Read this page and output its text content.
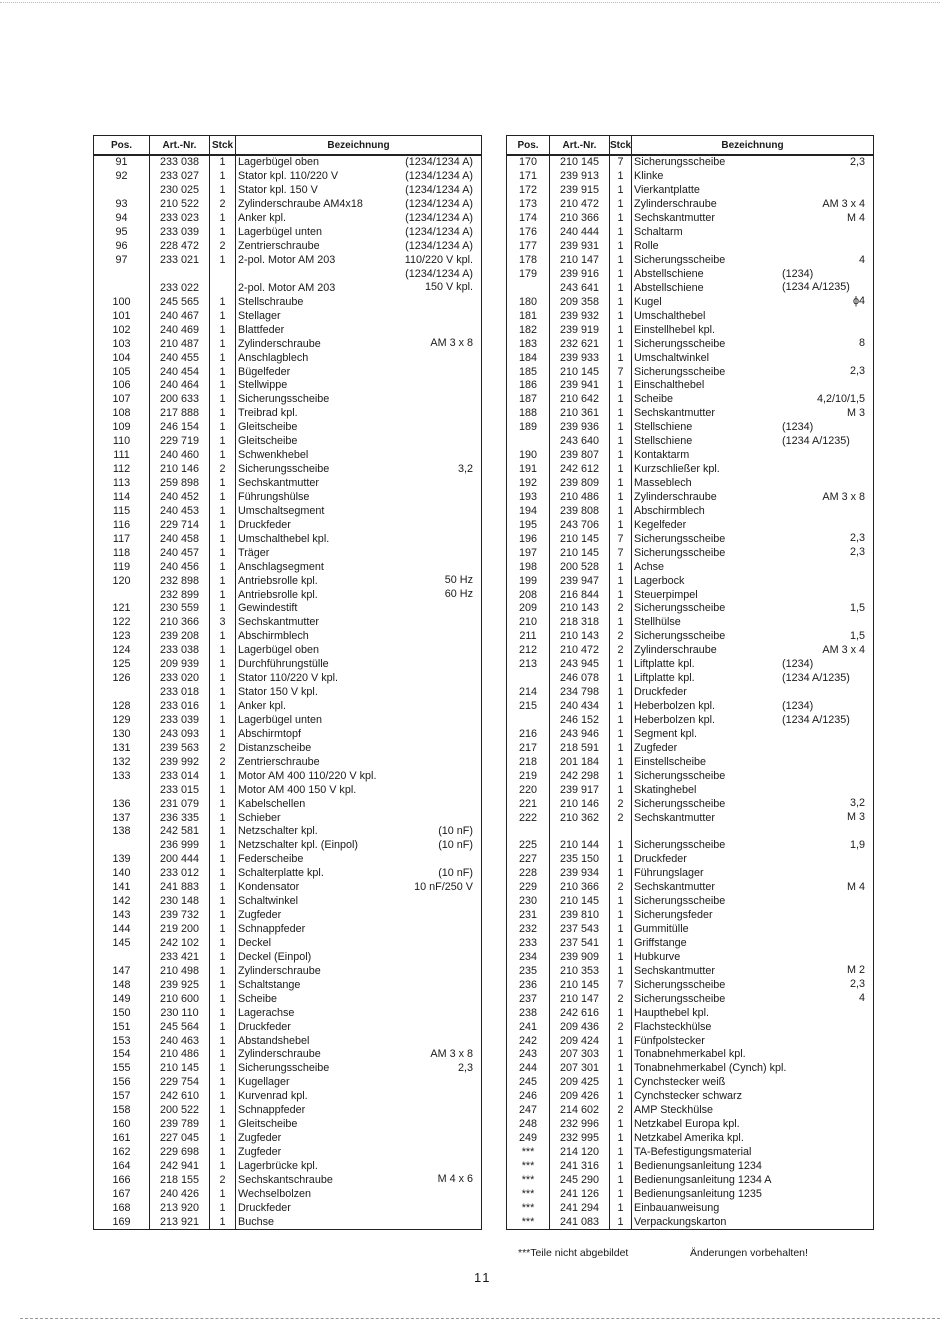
Pos.	Art.-Nr.	Stck	Bezeichnung
91	233 038	1	Lagerbügel oben (1234/1234 A)

92	233 027	1	Stator kpl. 110/220 V (1234/1234 A)

	230 025	1	Stator kpl. 150 V (1234/1234 A)

93	210 522	2	Zylinderschraube AM4x18 (1234/1234 A)

94	233 023	1	Anker kpl. (1234/1234 A)

95	233 039	1	Lagerbügel unten (1234/1234 A)

96	228 472	2	Zentrierschraube (1234/1234 A)

97	233 021	1	2-pol. Motor AM 203 110/220 V kpl.

			(1234/1234 A)

	233 022		2-pol. Motor AM 203 150 V kpl.

100	245 565	1	Stellschraube

101	240 467	1	Stellager

102	240 469	1	Blattfeder

103	210 487	1	Zylinderschraube AM 3 x 8

104	240 455	1	Anschlagblech

105	240 454	1	Bügelfeder

106	240 464	1	Stellwippe

107	200 633	1	Sicherungsscheibe

108	217 888	1	Treibrad kpl.

109	246 154	1	Gleitscheibe

110	229 719	1	Gleitscheibe

111	240 460	1	Schwenkhebel

112	210 146	2	Sicherungsscheibe 3,2

113	259 898	1	Sechskantmutter

114	240 452	1	Führungshülse

115	240 453	1	Umschaltsegment

116	229 714	1	Druckfeder

117	240 458	1	Umschalthebel kpl.

118	240 457	1	Träger

119	240 456	1	Anschlagsegment

120	232 898	1	Antriebsrolle kpl. 50 Hz

	232 899	1	Antriebsrolle kpl. 60 Hz

121	230 559	1	Gewindestift

122	210 366	3	Sechskantmutter

123	239 208	1	Abschirmblech

124	233 038	1	Lagerbügel oben

125	209 939	1	Durchführungstülle

126	233 020	1	Stator 110/220 V kpl.

	233 018	1	Stator 150 V kpl.

128	233 016	1	Anker kpl.

129	233 039	1	Lagerbügel unten

130	243 093	1	Abschirmtopf

131	239 563	2	Distanzscheibe

132	239 992	2	Zentrierschraube

133	233 014	1	Motor AM 400 110/220 V kpl.

	233 015	1	Motor AM 400 150 V kpl.

136	231 079	1	Kabelschellen

137	236 335	1	Schieber

138	242 581	1	Netzschalter kpl. (10 nF)

	236 999	1	Netzschalter kpl. (Einpol) (10 nF)

139	200 444	1	Federscheibe

140	233 012	1	Schalterplatte kpl. (10 nF)

141	241 883	1	Kondensator 10 nF/250 V

142	230 148	1	Schaltwinkel

143	239 732	1	Zugfeder

144	219 200	1	Schnappfeder

145	242 102	1	Deckel

	233 421	1	Deckel (Einpol)

147	210 498	1	Zylinderschraube

148	239 925	1	Schaltstange

149	210 600	1	Scheibe

150	230 110	1	Lagerachse

151	245 564	1	Druckfeder

153	240 463	1	Abstandshebel

154	210 486	1	Zylinderschraube AM 3 x 8

155	210 145	1	Sicherungsscheibe 2,3

156	229 754	1	Kugellager

157	242 610	1	Kurvenrad kpl.

158	200 522	1	Schnappfeder

160	239 789	1	Gleitscheibe

161	227 045	1	Zugfeder

162	229 698	1	Zugfeder

164	242 941	1	Lagerbrücke kpl.

166	218 155	2	Sechskantschraube M 4 x 6

167	240 426	1	Wechselbolzen

168	213 920	1	Druckfeder

169	213 921	1	Buchse
Pos.	Art.-Nr.	Stck	Bezeichnung
170	210 145	7	Sicherungsscheibe 2,3

171	239 913	1	Klinke

172	239 915	1	Vierkantplatte

173	210 472	1	Zylinderschraube AM 3 x 4

174	210 366	1	Sechskantmutter M 4

176	240 444	1	Schaltarm

177	239 931	1	Rolle

178	210 147	1	Sicherungsscheibe 4

179	239 916	1	Abstellschiene (1234)

	243 641	1	Abstellschiene (1234 A/1235)

180	209 358	1	Kugel ϕ4

181	239 932	1	Umschalthebel

182	239 919	1	Einstellhebel kpl.

183	232 621	1	Sicherungsscheibe 8

184	239 933	1	Umschaltwinkel

185	210 145	7	Sicherungsscheibe 2,3

186	239 941	1	Einschalthebel

187	210 642	1	Scheibe 4,2/10/1,5

188	210 361	1	Sechskantmutter M 3

189	239 936	1	Stellschiene (1234)

	243 640	1	Stellschiene (1234 A/1235)

190	239 807	1	Kontaktarm

191	242 612	1	Kurzschließer kpl.

192	239 809	1	Masseblech

193	210 486	1	Zylinderschraube AM 3 x 8

194	239 808	1	Abschirmblech

195	243 706	1	Kegelfeder

196	210 145	7	Sicherungsscheibe 2,3

197	210 145	7	Sicherungsscheibe 2,3

198	200 528	1	Achse

199	239 947	1	Lagerbock

208	216 844	1	Steuerpimpel

209	210 143	2	Sicherungsscheibe 1,5

210	218 318	1	Stellhülse

211	210 143	2	Sicherungsscheibe 1,5

212	210 472	2	Zylinderschraube AM 3 x 4

213	243 945	1	Liftplatte kpl. (1234)

	246 078	1	Liftplatte kpl. (1234 A/1235)

214	234 798	1	Druckfeder

215	240 434	1	Heberbolzen kpl. (1234)

	246 152	1	Heberbolzen kpl. (1234 A/1235)

216	243 946	1	Segment kpl.

217	218 591	1	Zugfeder

218	201 184	1	Einstellscheibe

219	242 298	1	Sicherungsscheibe

220	239 917	1	Skatinghebel

221	210 146	2	Sicherungsscheibe 3,2

222	210 362	2	Sechskantmutter M 3

225	210 144	1	Sicherungsscheibe 1,9

227	235 150	1	Druckfeder

228	239 934	1	Führungslager

229	210 366	2	Sechskantmutter M 4

230	210 145	1	Sicherungsscheibe

231	239 810	1	Sicherungsfeder

232	237 543	1	Gummitülle

233	237 541	1	Griffstange

234	239 909	1	Hubkurve

235	210 353	1	Sechskantmutter M 2

236	210 145	7	Sicherungsscheibe 2,3

237	210 147	2	Sicherungsscheibe 4

238	242 616	1	Haupthebel kpl.

241	209 436	2	Flachsteckhülse

242	209 424	1	Fünfpolstecker

243	207 303	1	Tonabnehmerkabel kpl.

244	207 301	1	Tonabnehmerkabel (Cynch) kpl.

245	209 425	1	Cynchstecker weiß

246	209 426	1	Cynchstecker schwarz

247	214 602	2	AMP Steckhülse

248	232 996	1	Netzkabel Europa kpl.

249	232 995	1	Netzkabel Amerika kpl.

***	214 120	1	TA-Befestigungsmaterial

***	241 316	1	Bedienungsanleitung 1234

***	245 290	1	Bedienungsanleitung 1234 A

***	241 126	1	Bedienungsanleitung 1235

***	241 294	1	Einbauanweisung

***	241 083	1	Verpackungskarton
***Teile nicht abgebildet	Änderungen vorbehalten!
11
